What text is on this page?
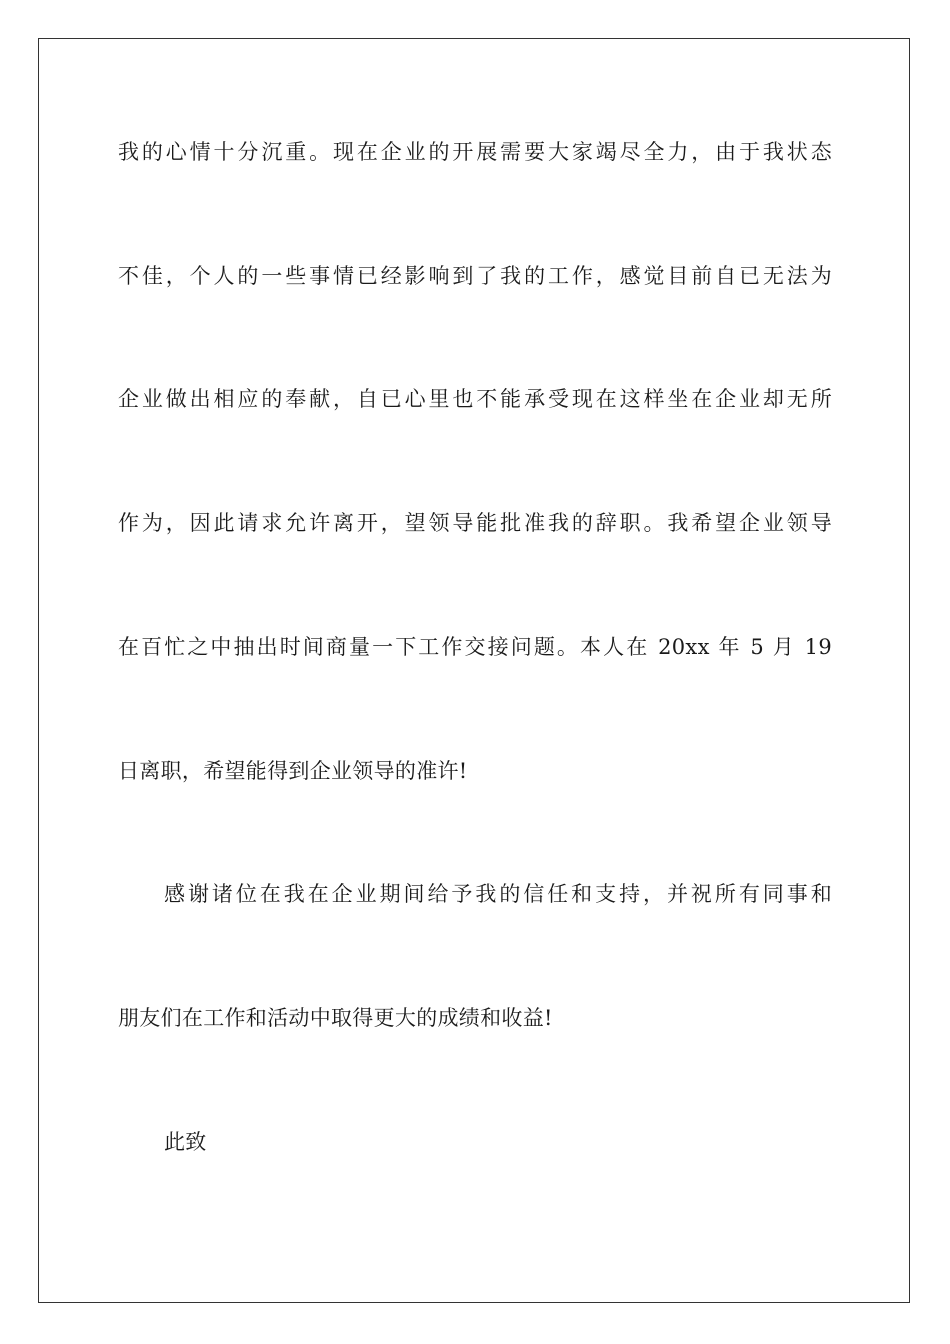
我的心情十分沉重。现在企业的开展需要大家竭尽全力，由于我状态
不佳，个人的一些事情已经影响到了我的工作，感觉目前自已无法为
企业做出相应的奉献，自已心里也不能承受现在这样坐在企业却无所
作为，因此请求允许离开，望领导能批准我的辞职。我希望企业领导
在百忙之中抽出时间商量一下工作交接问题。本人在 20xx 年 5 月 19
日离职，希望能得到企业领导的准许!
感谢诸位在我在企业期间给予我的信任和支持，并祝所有同事和
朋友们在工作和活动中取得更大的成绩和收益!
此致
